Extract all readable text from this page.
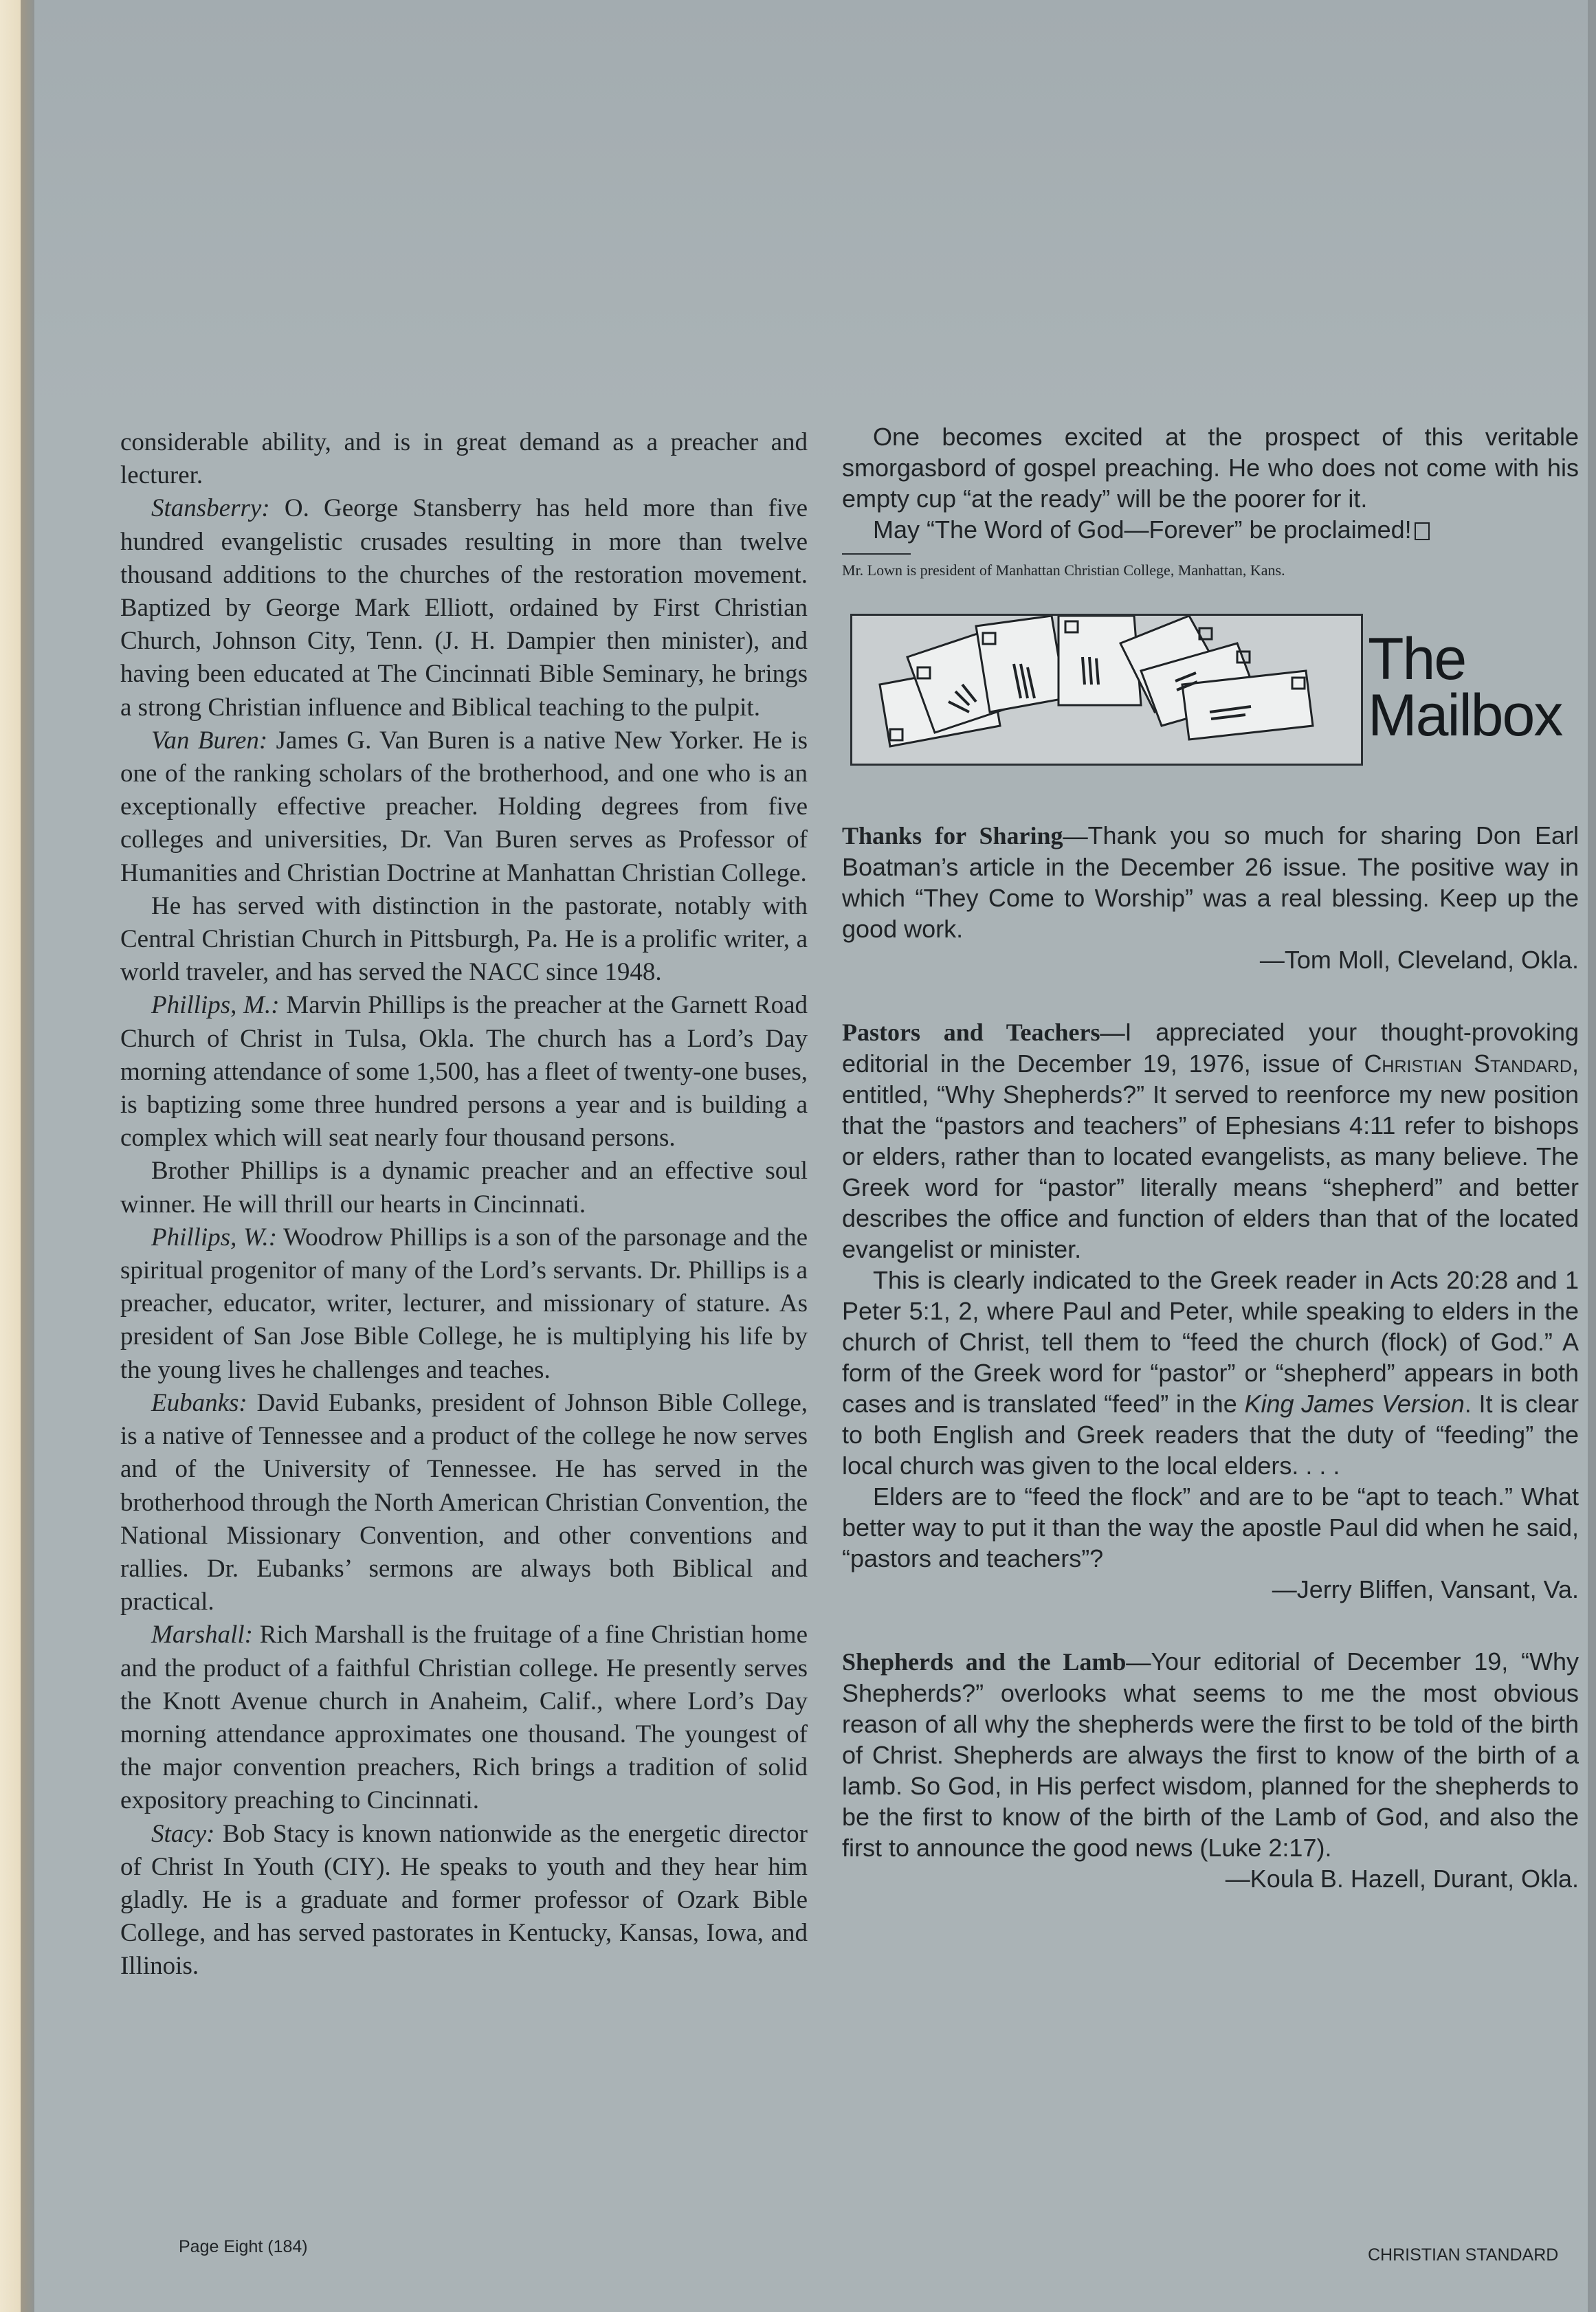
considerable ability, and is in great demand as a preacher and lecturer.

Stansberry: O. George Stansberry has held more than five hundred evangelistic crusades resulting in more than twelve thousand additions to the churches of the restoration movement. Baptized by George Mark Elliott, ordained by First Christian Church, Johnson City, Tenn. (J. H. Dampier then minister), and having been educated at The Cincinnati Bible Seminary, he brings a strong Christian influence and Biblical teaching to the pulpit.

Van Buren: James G. Van Buren is a native New Yorker. He is one of the ranking scholars of the brotherhood, and one who is an exceptionally effective preacher. Holding degrees from five colleges and universities, Dr. Van Buren serves as Professor of Humanities and Christian Doctrine at Manhattan Christian College.

He has served with distinction in the pastorate, notably with Central Christian Church in Pittsburgh, Pa. He is a prolific writer, a world traveler, and has served the NACC since 1948.

Phillips, M.: Marvin Phillips is the preacher at the Garnett Road Church of Christ in Tulsa, Okla. The church has a Lord’s Day morning attendance of some 1,500, has a fleet of twenty-one buses, is baptizing some three hundred persons a year and is building a complex which will seat nearly four thousand persons.

Brother Phillips is a dynamic preacher and an effective soul winner. He will thrill our hearts in Cincinnati.

Phillips, W.: Woodrow Phillips is a son of the parsonage and the spiritual progenitor of many of the Lord’s servants. Dr. Phillips is a preacher, educator, writer, lecturer, and missionary of stature. As president of San Jose Bible College, he is multiplying his life by the young lives he challenges and teaches.

Eubanks: David Eubanks, president of Johnson Bible College, is a native of Tennessee and a product of the college he now serves and of the University of Tennessee. He has served in the brotherhood through the North American Christian Convention, the National Missionary Convention, and other conventions and rallies. Dr. Eubanks’ sermons are always both Biblical and practical.

Marshall: Rich Marshall is the fruitage of a fine Christian home and the product of a faithful Christian college. He presently serves the Knott Avenue church in Anaheim, Calif., where Lord’s Day morning attendance approximates one thousand. The youngest of the major convention preachers, Rich brings a tradition of solid expository preaching to Cincinnati.

Stacy: Bob Stacy is known nationwide as the energetic director of Christ In Youth (CIY). He speaks to youth and they hear him gladly. He is a graduate and former professor of Ozark Bible College, and has served pastorates in Kentucky, Kansas, Iowa, and Illinois.

One becomes excited at the prospect of this veritable smorgasbord of gospel preaching. He who does not come with his empty cup “at the ready” will be the poorer for it.

May “The Word of God—Forever” be proclaimed!

Mr. Lown is president of Manhattan Christian College, Manhattan, Kans.

The
Mailbox

Thanks for Sharing—Thank you so much for sharing Don Earl Boatman’s article in the December 26 issue. The positive way in which “They Come to Worship” was a real blessing. Keep up the good work.

—Tom Moll, Cleveland, Okla.

Pastors and Teachers—I appreciated your thought-provoking editorial in the December 19, 1976, issue of Christian Standard, entitled, “Why Shepherds?” It served to reenforce my new position that the “pastors and teachers” of Ephesians 4:11 refer to bishops or elders, rather than to located evangelists, as many believe. The Greek word for “pastor” literally means “shepherd” and better describes the office and function of elders than that of the located evangelist or minister.

This is clearly indicated to the Greek reader in Acts 20:28 and 1 Peter 5:1, 2, where Paul and Peter, while speaking to elders in the church of Christ, tell them to “feed the church (flock) of God.” A form of the Greek word for “pastor” or “shepherd” appears in both cases and is translated “feed” in the King James Version. It is clear to both English and Greek readers that the duty of “feeding” the local church was given to the local elders. . . .

Elders are to “feed the flock” and are to be “apt to teach.” What better way to put it than the way the apostle Paul did when he said, “pastors and teachers”?

—Jerry Bliffen, Vansant, Va.

Shepherds and the Lamb—Your editorial of December 19, “Why Shepherds?” overlooks what seems to me the most obvious reason of all why the shepherds were the first to be told of the birth of Christ. Shepherds are always the first to know of the birth of a lamb. So God, in His perfect wisdom, planned for the shepherds to be the first to know of the birth of the Lamb of God, and also the first to announce the good news (Luke 2:17).

—Koula B. Hazell, Durant, Okla.

Page Eight (184)	CHRISTIAN STANDARD
